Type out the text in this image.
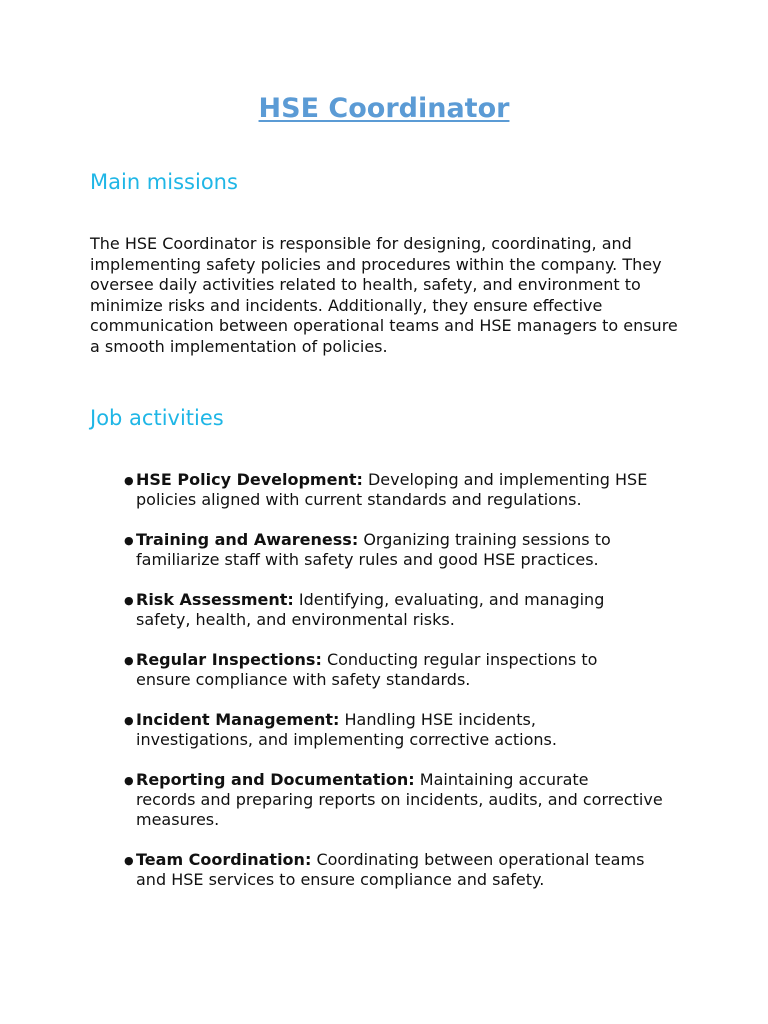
HSE Coordinator
Main missions

The HSE Coordinator is responsible for designing, coordinating, and implementing safety policies and procedures within the company. They oversee daily activities related to health, safety, and environment to minimize risks and incidents. Additionally, they ensure effective communication between operational teams and HSE managers to ensure a smooth implementation of policies.

Job activities
● HSE Policy Development: Developing and implementing HSE
policies aligned with current standards and regulations.
● Training and Awareness: Organizing training sessions to
familiarize staff with safety rules and good HSE practices.
● Risk Assessment: Identifying, evaluating, and managing
safety, health, and environmental risks.
● Regular Inspections: Conducting regular inspections to
ensure compliance with safety standards.
● Incident Management: Handling HSE incidents,
investigations, and implementing corrective actions.
● Reporting and Documentation: Maintaining accurate
records and preparing reports on incidents, audits, and corrective measures.
● Team Coordination: Coordinating between operational teams
and HSE services to ensure compliance and safety.
